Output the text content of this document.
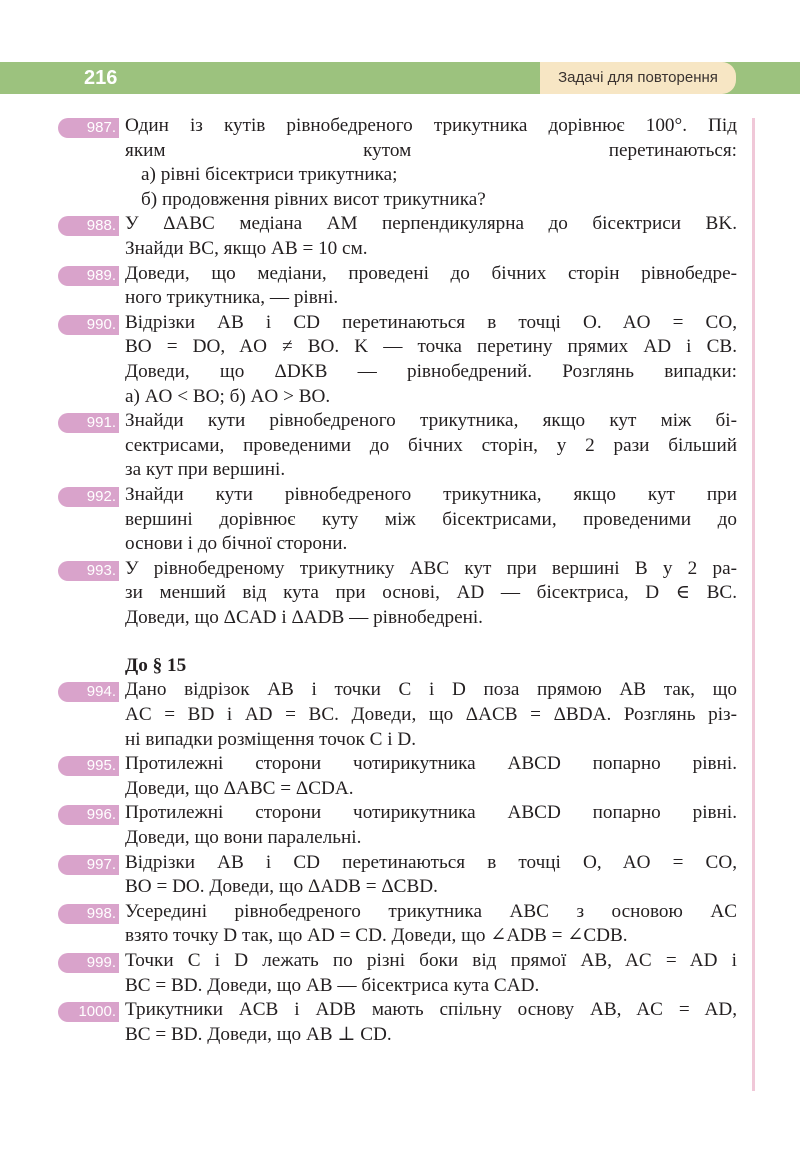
216	Задачі для повторення
987. Один із кутів рівнобедреного трикутника дорівнює 100°. Під
яким кутом перетинаються:
а) рівні бісектриси трикутника;
б) продовження рівних висот трикутника?
988. У ΔABC медіана AM перпендикулярна до бісектриси BK.
Знайди BC, якщо AB = 10 см.
989. Доведи, що медіани, проведені до бічних сторін рівнобедре-
ного трикутника, — рівні.
990. Відрізки AB і CD перетинаються в точці O. AO = CO,
BO = DO, AO ≠ BO. K — точка перетину прямих AD і CB.
Доведи, що ΔDKB — рівнобедрений. Розглянь випадки:
а) AO < BO; б) AO > BO.
991. Знайди кути рівнобедреного трикутника, якщо кут між бі-
сектрисами, проведеними до бічних сторін, у 2 рази більший
за кут при вершині.
992. Знайди кути рівнобедреного трикутника, якщо кут при
вершині дорівнює куту між бісектрисами, проведеними до
основи і до бічної сторони.
993. У рівнобедреному трикутнику ABC кут при вершині B у 2 ра-
зи менший від кута при основі, AD — бісектриса, D ∈ BC.
Доведи, що ΔCAD і ΔADB — рівнобедрені.
До § 15
994. Дано відрізок AB і точки C і D поза прямою AB так, що
AC = BD і AD = BC. Доведи, що ΔACB = ΔBDA. Розглянь різ-
ні випадки розміщення точок C і D.
995. Протилежні сторони чотирикутника ABCD попарно рівні.
Доведи, що ΔABC = ΔCDA.
996. Протилежні сторони чотирикутника ABCD попарно рівні.
Доведи, що вони паралельні.
997. Відрізки AB і CD перетинаються в точці O, AO = CO,
BO = DO. Доведи, що ΔADB = ΔCBD.
998. Усередині рівнобедреного трикутника ABC з основою AC
взято точку D так, що AD = CD. Доведи, що ∠ADB = ∠CDB.
999. Точки C і D лежать по різні боки від прямої AB, AC = AD і
BC = BD. Доведи, що AB — бісектриса кута CAD.
1000. Трикутники ACB і ADB мають спільну основу AB, AC = AD,
BC = BD. Доведи, що AB ⊥ CD.
